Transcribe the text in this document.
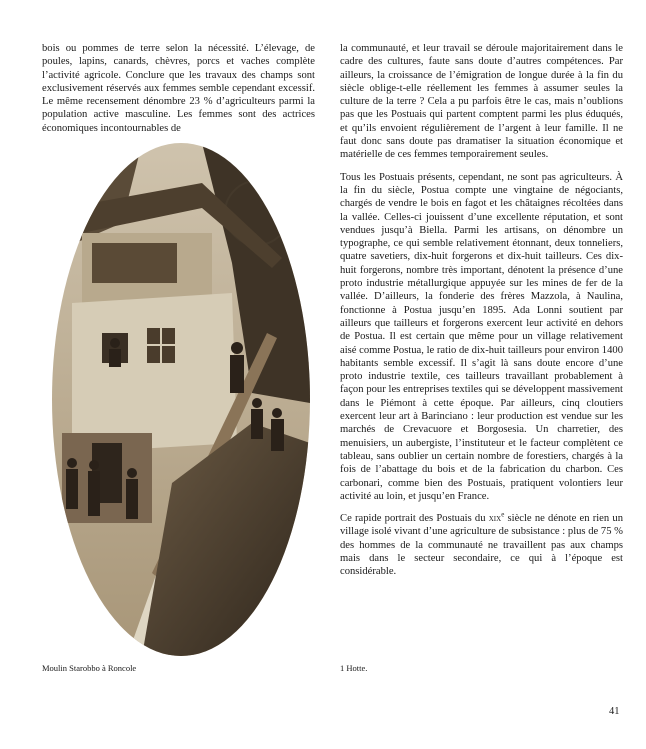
bois ou pommes de terre selon la nécessité. L’élevage, de poules, lapins, canards, chèvres, porcs et vaches complète l’activité agricole. Conclure que les travaux des champs sont exclusivement réservés aux femmes semble cependant excessif. Le même recensement dénombre 23 % d’agriculteurs parmi la population active masculine. Les femmes sont des actrices économiques incontournables de

la communauté, et leur travail se déroule majoritairement dans le cadre des cultures, faute sans doute d’autres compétences. Par ailleurs, la croissance de l’émigration de longue durée à la fin du siècle oblige-t-elle réellement les femmes à assumer seules la culture de la terre ? Cela a pu parfois être le cas, mais n’oublions pas que les Postuais qui partent comptent parmi les plus éduqués, et qu’ils envoient régulièrement de l’argent à leur famille. Il ne faut donc sans doute pas dramatiser la situation économique et matérielle de ces femmes temporairement seules.

Tous les Postuais présents, cependant, ne sont pas agriculteurs. À la fin du siècle, Postua compte une vingtaine de négociants, chargés de vendre le bois en fagot et les châtaignes récoltées dans la vallée. Celles-ci jouissent d’une excellente réputation, et sont vendues jusqu’à Biella. Parmi les artisans, on dénombre un typographe, ce qui semble relativement étonnant, deux tonneliers, quatre savetiers, dix-huit forgerons et dix-huit tailleurs. Ces dix-huit forgerons, nombre très important, dénotent la présence d’une proto industrie métallurgique appuyée sur les mines de fer de la vallée. D’ailleurs, la fonderie des frères Mazzola, à Naulina, fonctionne à Postua jusqu’en 1895. Ada Lonni soutient par ailleurs que tailleurs et forgerons exercent leur activité en dehors de Postua. Il est certain que même pour un village relativement aisé comme Postua, le ratio de dix-huit tailleurs pour environ 1400 habitants semble excessif. Il s’agit là sans doute encore d’une proto industrie textile, ces tailleurs travaillant probablement à façon pour les entreprises textiles qui se développent massivement dans le Piémont à cette époque. Par ailleurs, cinq cloutiers exercent leur art à Barinciano : leur production est vendue sur les marchés de Crevacuore et Borgosesia. Un charretier, des menuisiers, un aubergiste, l’instituteur et le facteur complètent ce tableau, sans oublier un certain nombre de forestiers, chargés à la fois de l’abattage du bois et de la fabrication du charbon. Ces carbonari, comme bien des Postuais, pratiquent volontiers leur activité au loin, et jusqu’en France.

Ce rapide portrait des Postuais du xix$^e$ siècle ne dénote en rien un village isolé vivant d’une agriculture de subsistance : plus de 75 % des hommes de la communauté ne travaillent pas aux champs mais dans le secteur secondaire, ce qui à l’époque est considérable.

Moulin Starobbo à Roncole	1 Hotte.
41
